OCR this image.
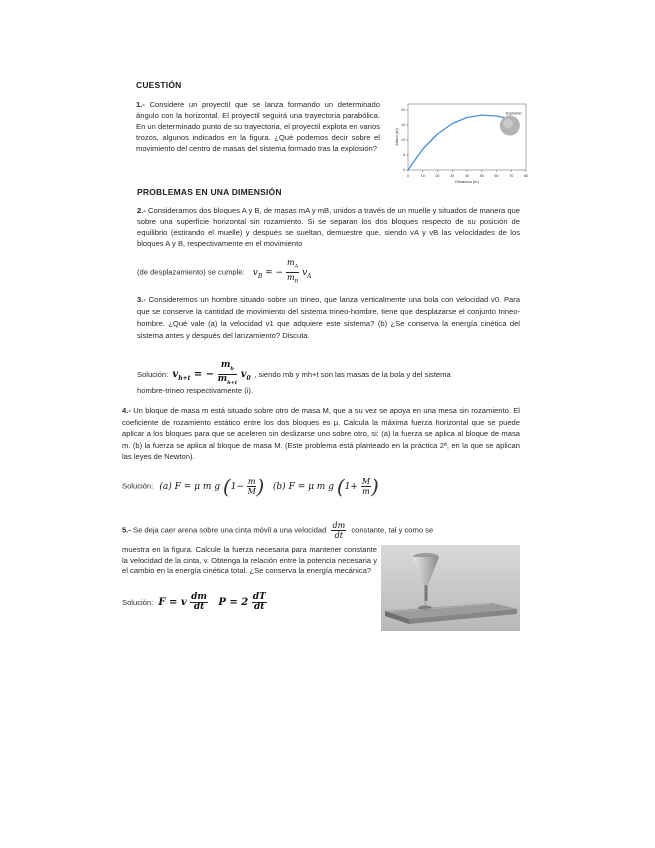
CUESTIÓN
1.- Considere un proyectil que se lanza formando un determinado ángulo con la horizontal. El proyectil seguirá una trayectoria parabólica. En un determinado punto de su trayectoria, el proyectil explota en varios trozos, algunos indicados en la figura. ¿Qué podemos decir sobre el movimiento del centro de masas del sistema formado tras la explosión?
0	10	20	30	40	50	60	70	80
0
5
10
15
20
Distancia (m)
Altura (m)
Explosión
PROBLEMAS EN UNA DIMENSIÓN
2.- Consideramos dos bloques A y B, de masas mA y mB, unidos a través de un muelle y situados de manera que sobre una superficie horizontal sin rozamiento. Si se separan los dos bloques respecto de su posición de equilibrio (estirando el muelle) y después se sueltan, demuestre que, siendo vA y vB las velocidades de los bloques A y B, respectivamente en el movimiento
(de desplazamiento) se cumple: $v_B$ = − $\frac{m_A}{m_B} v_A$
3.- Consideremos un hombre situado sobre un trineo, que lanza verticalmente una bola con velocidad v0. Para que se conserve la cantidad de movimiento del sistema trineo-hombre, tiene que desplazarse el conjunto trineo-hombre. ¿Qué vale (a) la velocidad v1 que adquiere este sistema? (b) ¿Se conserva la energía cinética del sistema antes y después del lanzamiento? Discuta.
Solución: $v_{h+t}$ = − $\frac{m_b}{m_{h+t}} v_0$ , siendo mb y mh+t son las masas de la bola y del sistema
hombre-trineo respectivamente (i).
4.- Un bloque de masa m está situado sobre otro de masa M, que a su vez se apoya en una mesa sin rozamiento. El coeficiente de rozamiento estático entre los dos bloques es μ. Calcula la máxima fuerza horizontal que se puede aplicar a los bloques para que se aceleren sin deslizarse uno sobre otro, si: (a) la fuerza se aplica al bloque de masa m. (b) la fuerza se aplica al bloque de masa M. (Este problema está planteado en la práctica 2ª, en la que se aplican las leyes de Newton).
Solución: (a) F = μ m g ($1- \frac{m}{M}$ ) (b) F = μ m g ($1+ \frac{M}{m}$ )
5.- Se deja caer arena sobre una cinta móvil a una velocidad $\frac{dm}{dt}$ constante, tal y como se
muestra en la figura. Calcule la fuerza necesaria para mantener constante la velocidad de la cinta, v. Obtenga la relación entre la potencia necesaria y el cambio en la energía cinética total. ¿Se conserva la energía mecánica?
Solución: F = v $\frac{dm}{dt}$ $P = 2 \frac{dT}{dt}$
